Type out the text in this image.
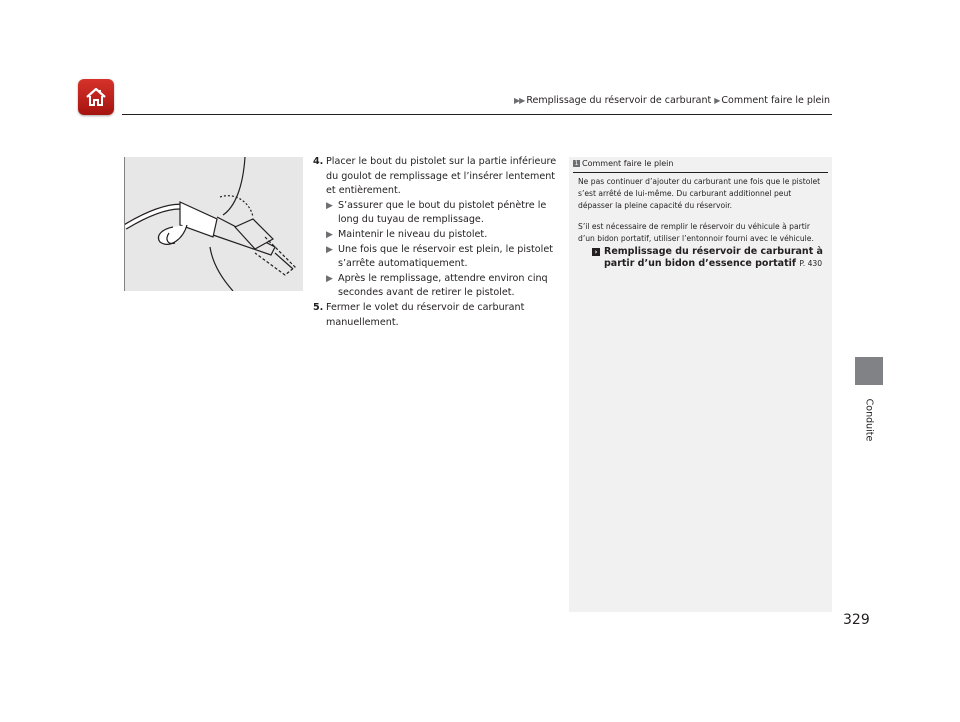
▶▶ Remplissage du réservoir de carburant ▶ Comment faire le plein
4. Placer le bout du pistolet sur la partie inférieure du goulot de remplissage et l’insérer lentement et entièrement.
▶ S’assurer que le bout du pistolet pénètre le long du tuyau de remplissage.
▶ Maintenir le niveau du pistolet.
▶ Une fois que le réservoir est plein, le pistolet s’arrête automatiquement.
▶ Après le remplissage, attendre environ cinq secondes avant de retirer le pistolet.
5. Fermer le volet du réservoir de carburant manuellement.
1 Comment faire le plein

Ne pas continuer d’ajouter du carburant une fois que le pistolet s’est arrêté de lui-même. Du carburant additionnel peut dépasser la pleine capacité du réservoir.

S’il est nécessaire de remplir le réservoir du véhicule à partir d’un bidon portatif, utiliser l’entonnoir fourni avec le véhicule.

› Remplissage du réservoir de carburant à partir d’un bidon d’essence portatif P. 430
Conduite
329
